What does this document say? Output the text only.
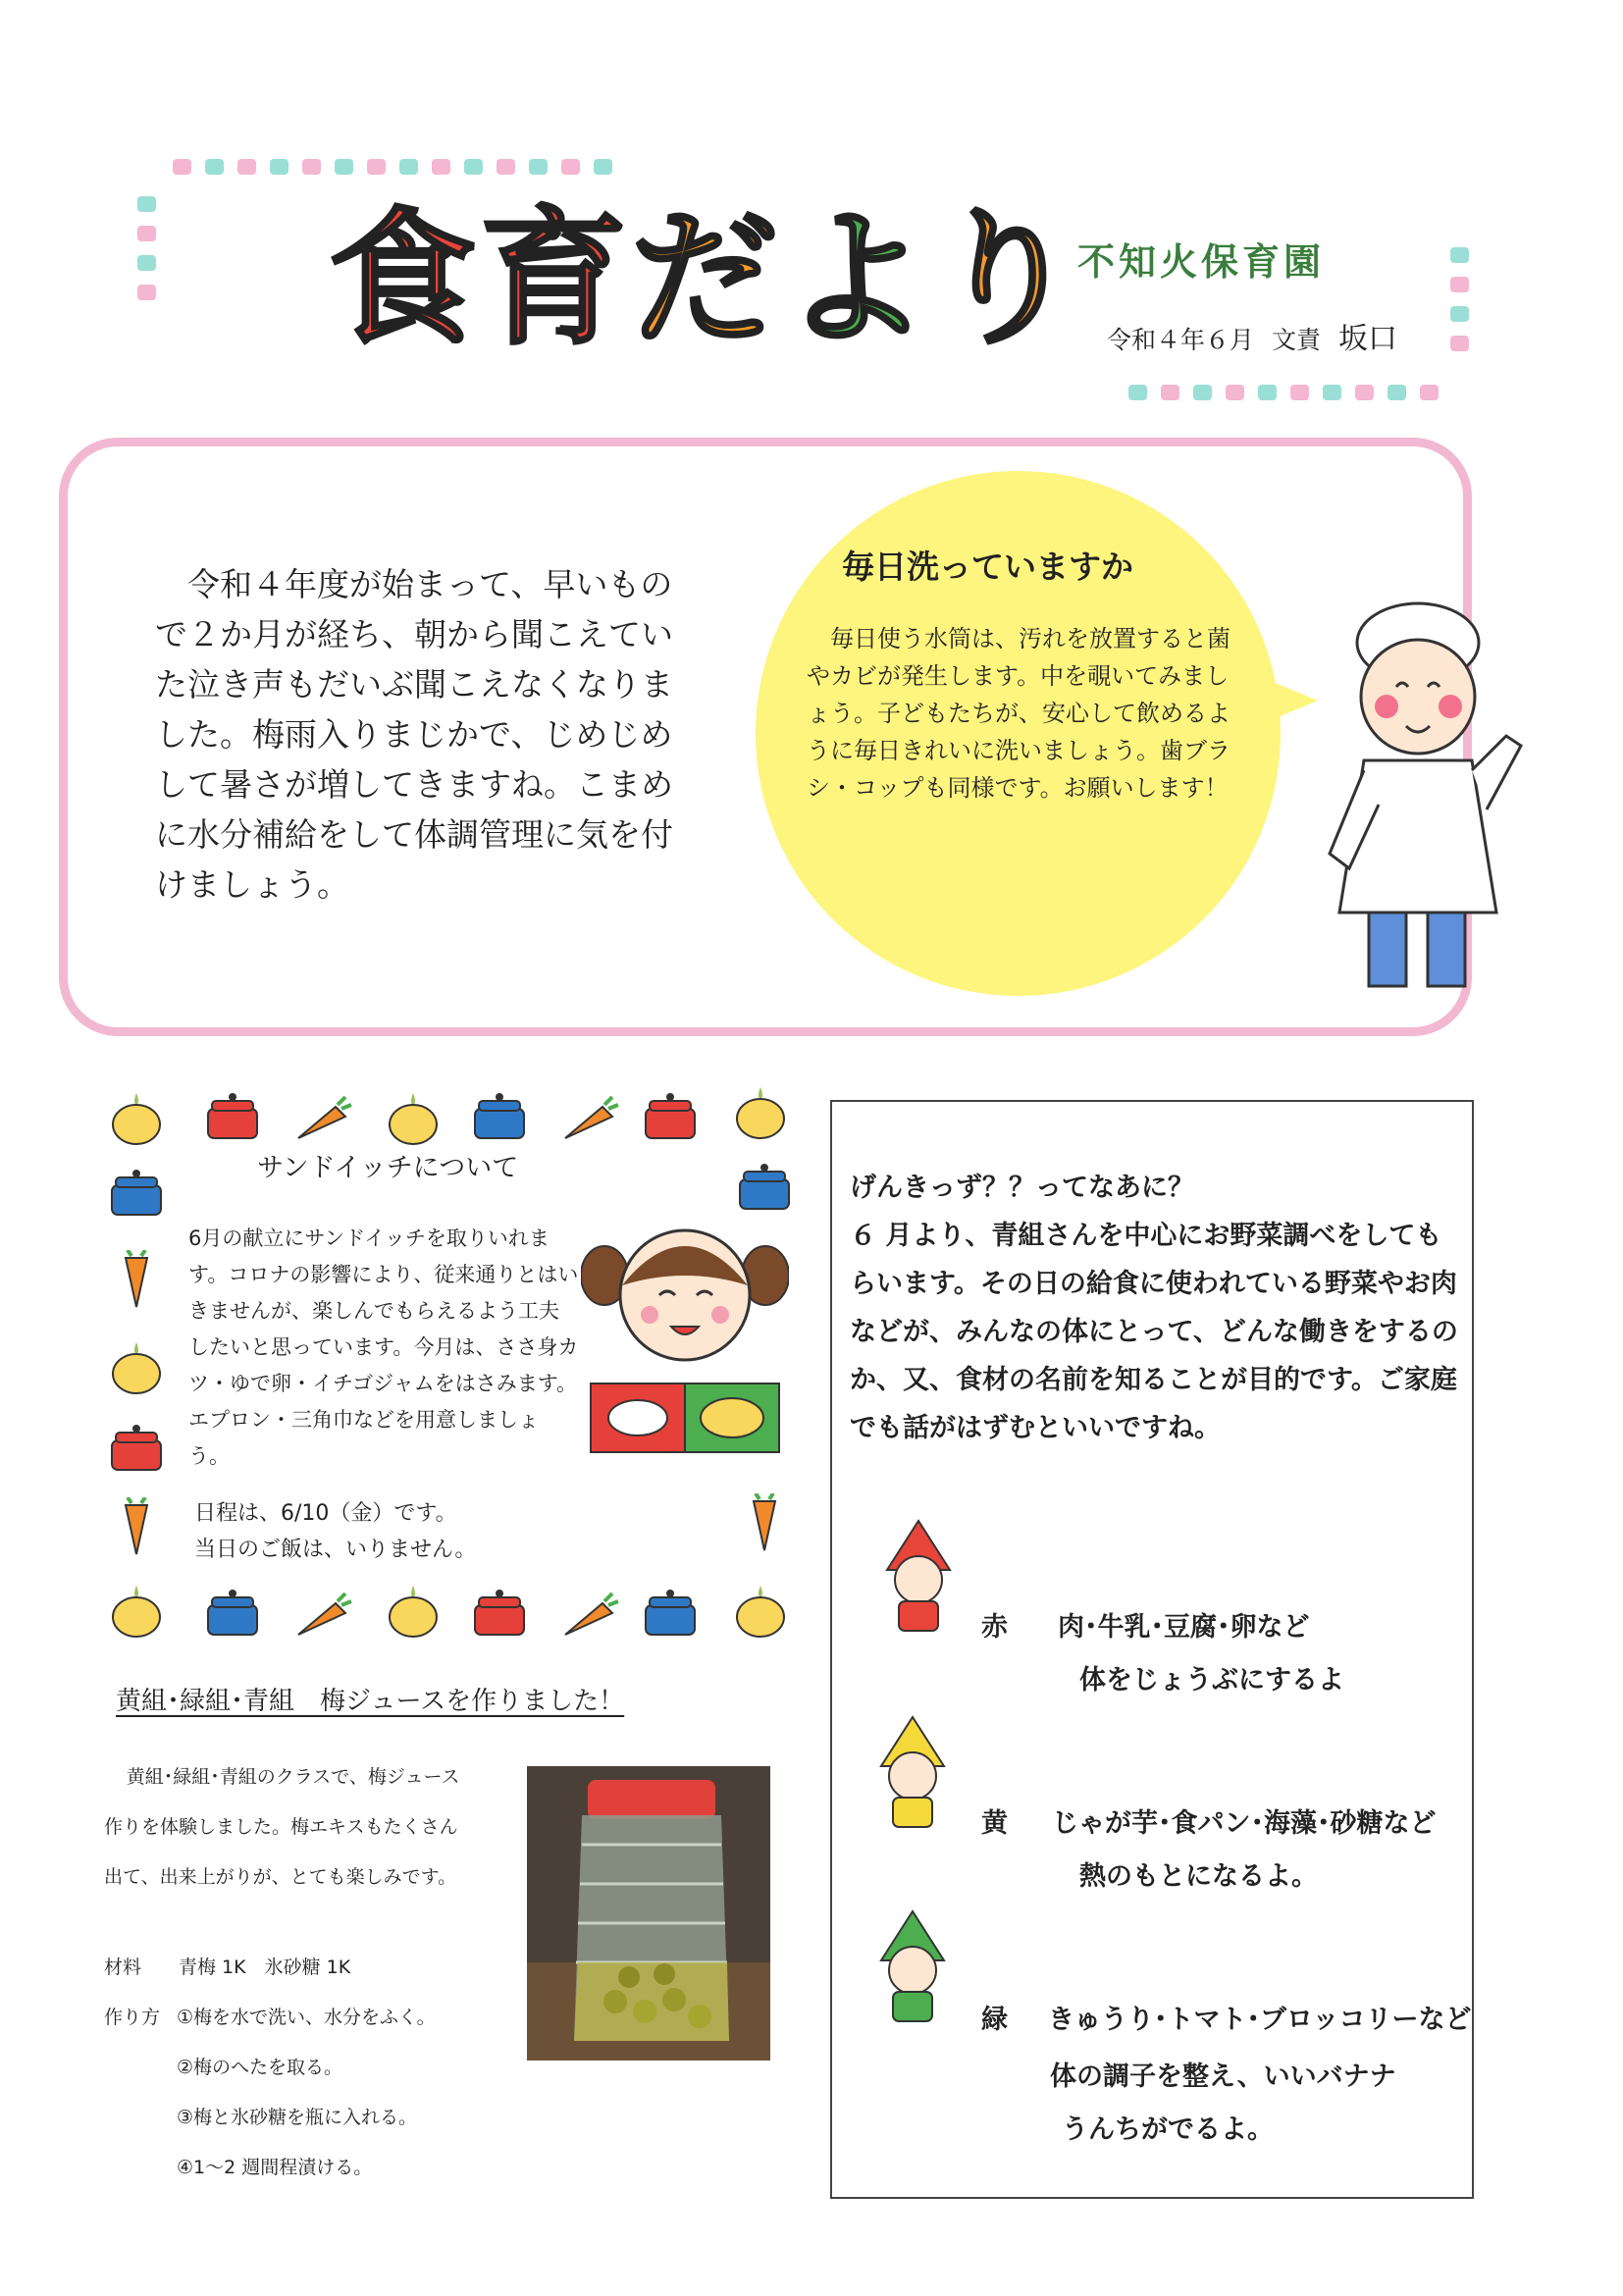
食育だより
不知火保育園
令和４年６月 文責 坂口
令和４年度が始まって、早いもので２か月が経ち、朝から聞こえていた泣き声もだいぶ聞こえなくなりました。梅雨入りまじかで、じめじめして暑さが増してきますね。こまめに水分補給をして体調管理に気を付けましょう。
毎日洗っていますか
毎日使う水筒は、汚れを放置すると菌やカビが発生します。中を覗いてみましょう。子どもたちが、安心して飲めるように毎日きれいに洗いましょう。歯ブラシ・コップも同様です。お願いします！
サンドイッチについて
6月の献立にサンドイッチを取りいれます。コロナの影響により、従来通りとはいきませんが、楽しんでもらえるよう工夫したいと思っています。今月は、ささ身カツ・ゆで卵・イチゴジャムをはさみます。エプロン・三角巾などを用意しましょう。
日程は、6/10（金）です。
当日のご飯は、いりません。
黄組･緑組･青組　梅ジュースを作りました！
黄組･緑組･青組のクラスで、梅ジュース作りを体験しました。梅エキスもたくさん出て、出来上がりが、とても楽しみです。
材料 青梅 1K　氷砂糖 1K
作り方 ①梅を水で洗い、水分をふく。
②梅のへたを取る。
③梅と氷砂糖を瓶に入れる。
④1～2 週間程漬ける。
げんきっず？？ってなあに？
６ 月より、青組さんを中心にお野菜調べをしてもらいます。その日の給食に使われている野菜やお肉などが、みんなの体にとって、どんな働きをするのか、又、食材の名前を知ることが目的です。ご家庭でも話がはずむといいですね。
赤 肉･牛乳･豆腐･卵など
体をじょうぶにするよ
黄 じゃが芋･食パン･海藻･砂糖など
熱のもとになるよ。
緑 きゅうり･トマト･ブロッコリーなど
体の調子を整え、いいバナナ
うんちがでるよ。
